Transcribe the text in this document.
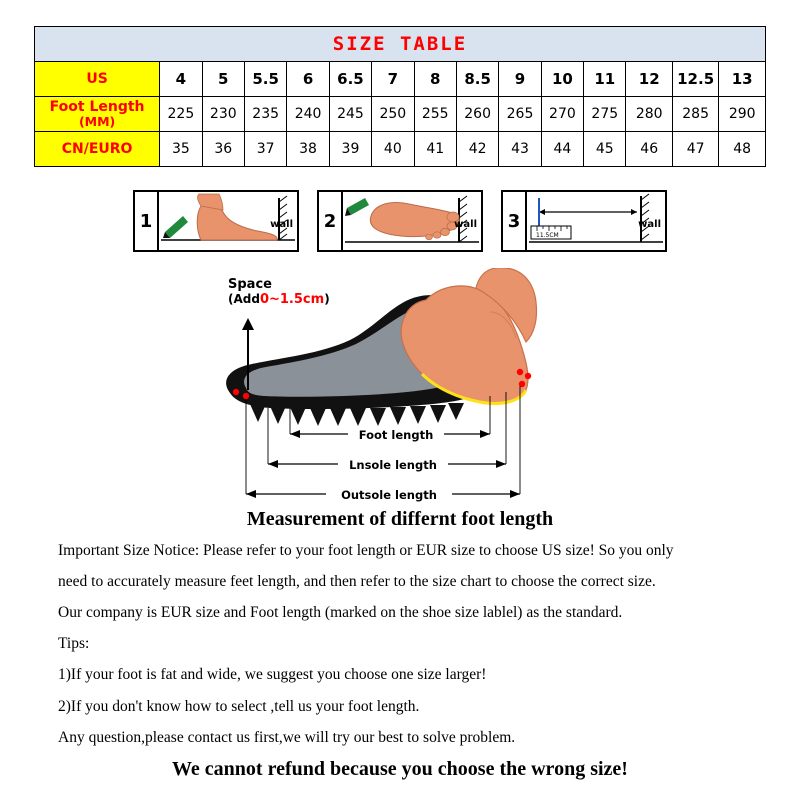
SIZE TABLE
US	4	5	5.5	6	6.5	7	8	8.5	9	10	11	12	12.5	13
Foot Length
(MM)	225	230	235	240	245	250	255	260	265	270	275	280	285	290
CN/EURO	35	36	37	38	39	40	41	42	43	44	45	46	47	48
1	wall 2	wall 3
11.5CM
wall
Space
(Add0~1.5cm)
Foot length
Lnsole length
Outsole length
Measurement of differnt foot length

Important Size Notice: Please refer to your foot length or EUR size to choose US size! So you only

need to accurately measure feet length, and then refer to the size chart to choose the correct size.

Our company is EUR size and Foot length (marked on the shoe size lablel) as the standard.

Tips:

1)If your foot is fat and wide, we suggest you choose one size larger!

2)If you don't know how to select ,tell us your foot length.

Any question,please contact us first,we will try our best to solve problem.

We cannot refund because you choose the wrong size!
